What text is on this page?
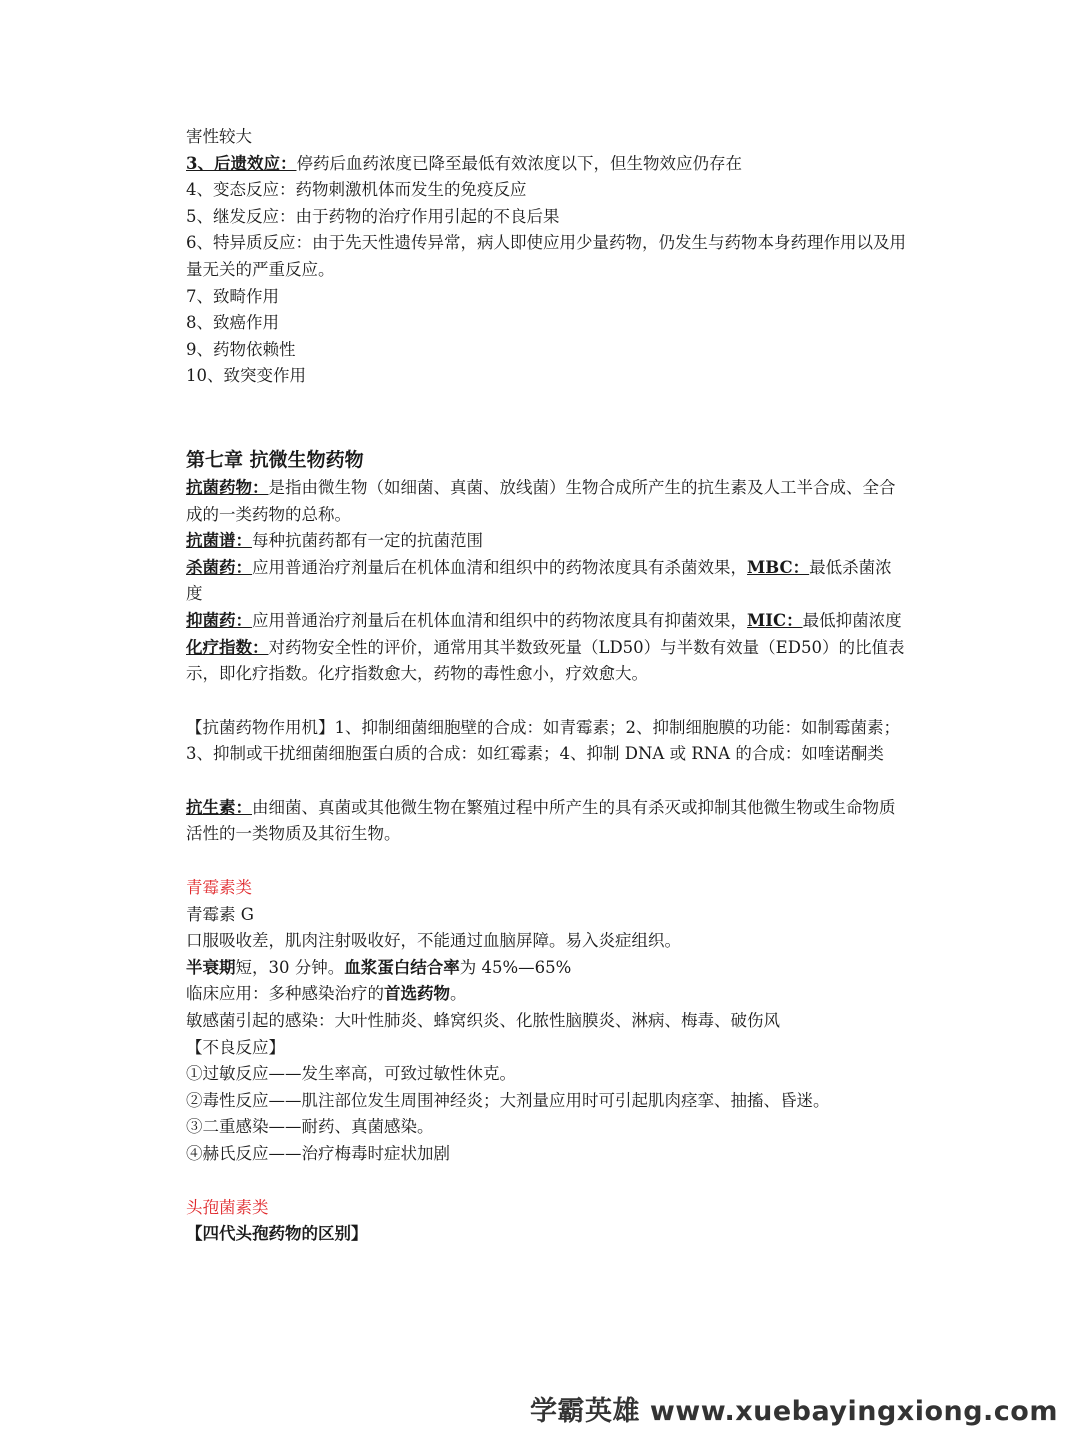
害性较大
3、后遗效应：停药后血药浓度已降至最低有效浓度以下，但生物效应仍存在
4、变态反应：药物刺激机体而发生的免疫反应
5、继发反应：由于药物的治疗作用引起的不良后果
6、特异质反应：由于先天性遗传异常，病人即使应用少量药物，仍发生与药物本身药理作用以及用量无关的严重反应。
7、致畸作用
8、致癌作用
9、药物依赖性
10、致突变作用
第七章 抗微生物药物
抗菌药物：是指由微生物（如细菌、真菌、放线菌）生物合成所产生的抗生素及人工半合成、全合成的一类药物的总称。
抗菌谱：每种抗菌药都有一定的抗菌范围
杀菌药：应用普通治疗剂量后在机体血清和组织中的药物浓度具有杀菌效果，MBC：最低杀菌浓度
抑菌药：应用普通治疗剂量后在机体血清和组织中的药物浓度具有抑菌效果，MIC：最低抑菌浓度
化疗指数：对药物安全性的评价，通常用其半数致死量（LD50）与半数有效量（ED50）的比值表示，即化疗指数。化疗指数愈大，药物的毒性愈小，疗效愈大。
【抗菌药物作用机】1、抑制细菌细胞壁的合成：如青霉素；2、抑制细胞膜的功能：如制霉菌素；3、抑制或干扰细菌细胞蛋白质的合成：如红霉素；4、抑制 DNA 或 RNA 的合成：如喹诺酮类
抗生素：由细菌、真菌或其他微生物在繁殖过程中所产生的具有杀灭或抑制其他微生物或生命物质活性的一类物质及其衍生物。
青霉素类
青霉素 G
口服吸收差，肌肉注射吸收好，不能通过血脑屏障。易入炎症组织。
半衰期短，30 分钟。血浆蛋白结合率为 45%—65%
临床应用：多种感染治疗的首选药物。
敏感菌引起的感染：大叶性肺炎、蜂窝织炎、化脓性脑膜炎、淋病、梅毒、破伤风
【不良反应】
①过敏反应——发生率高，可致过敏性休克。
②毒性反应——肌注部位发生周围神经炎；大剂量应用时可引起肌肉痉挛、抽搐、昏迷。
③二重感染——耐药、真菌感染。
④赫氏反应——治疗梅毒时症状加剧
头孢菌素类
【四代头孢药物的区别】
学霸英雄 www.xuebayingxiong.com
